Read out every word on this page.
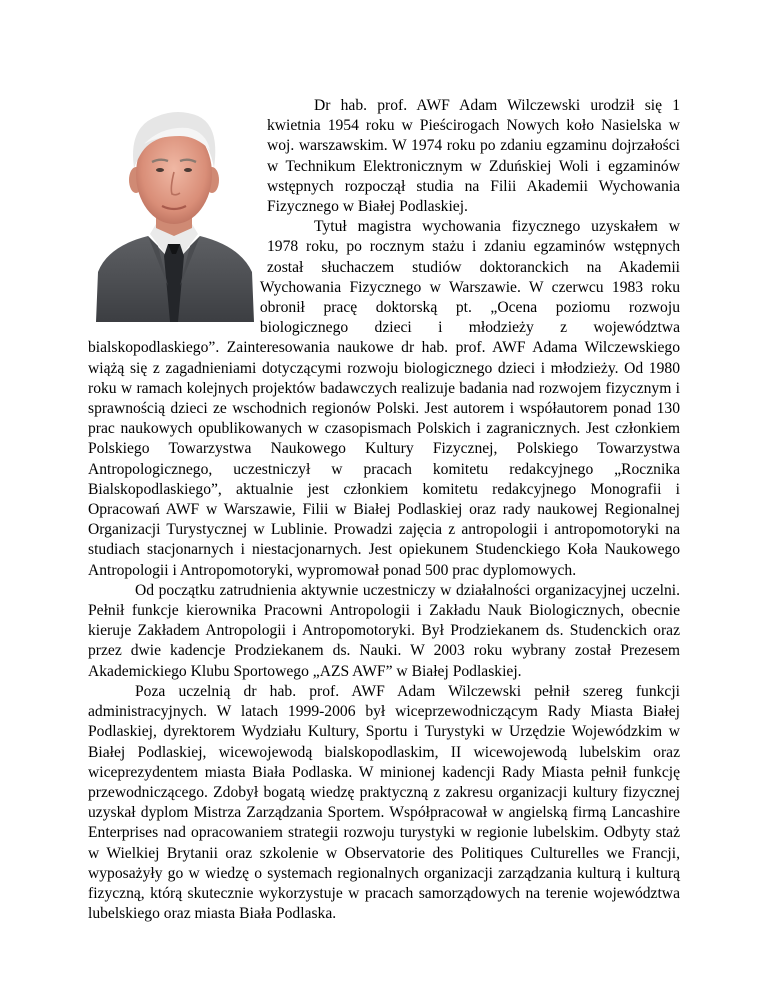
Dr hab. prof. AWF Adam Wilczewski urodził się 1 kwietnia 1954 roku w Pieścirogach Nowych koło Nasielska w woj. warszawskim. W 1974 roku po zdaniu egzaminu dojrzałości w Technikum Elektronicznym w Zduńskiej Woli i egzaminów wstępnych rozpoczął studia na Filii Akademii Wychowania Fizycznego w Białej Podlaskiej.

Tytuł magistra wychowania fizycznego uzyskałem w 1978 roku, po rocznym stażu i zdaniu egzaminów wstępnych został słuchaczem studiów doktoranckich na Akademii Wychowania Fizycznego w Warszawie. W czerwcu 1983 roku obronił pracę doktorską pt. „Ocena poziomu rozwoju biologicznego dzieci i młodzieży z województwa bialskopodlaskiego”. Zainteresowania naukowe dr hab. prof. AWF Adama Wilczewskiego wiążą się z zagadnieniami dotyczącymi rozwoju biologicznego dzieci i młodzieży. Od 1980 roku w ramach kolejnych projektów badawczych realizuje badania nad rozwojem fizycznym i sprawnością dzieci ze wschodnich regionów Polski. Jest autorem i współautorem ponad 130 prac naukowych opublikowanych w czasopismach Polskich i zagranicznych. Jest członkiem Polskiego Towarzystwa Naukowego Kultury Fizycznej, Polskiego Towarzystwa Antropologicznego, uczestniczył w pracach komitetu redakcyjnego „Rocznika Bialskopodlaskiego”, aktualnie jest członkiem komitetu redakcyjnego Monografii i Opracowań AWF w Warszawie, Filii w Białej Podlaskiej oraz rady naukowej Regionalnej Organizacji Turystycznej w Lublinie. Prowadzi zajęcia z antropologii i antropomotoryki na studiach stacjonarnych i niestacjonarnych. Jest opiekunem Studenckiego Koła Naukowego Antropologii i Antropomotoryki, wypromował ponad 500 prac dyplomowych.

Od początku zatrudnienia aktywnie uczestniczy w działalności organizacyjnej uczelni. Pełnił funkcje kierownika Pracowni Antropologii i Zakładu Nauk Biologicznych, obecnie kieruje Zakładem Antropologii i Antropomotoryki. Był Prodziekanem ds. Studenckich oraz przez dwie kadencje Prodziekanem ds. Nauki. W 2003 roku wybrany został Prezesem Akademickiego Klubu Sportowego „AZS AWF” w Białej Podlaskiej.

Poza uczelnią dr hab. prof. AWF Adam Wilczewski pełnił szereg funkcji administracyjnych. W latach 1999-2006 był wiceprzewodniczącym Rady Miasta Białej Podlaskiej, dyrektorem Wydziału Kultury, Sportu i Turystyki w Urzędzie Wojewódzkim w Białej Podlaskiej, wicewojewodą bialskopodlaskim, II wicewojewodą lubelskim oraz wiceprezydentem miasta Biała Podlaska. W minionej kadencji Rady Miasta pełnił funkcję przewodniczącego. Zdobył bogatą wiedzę praktyczną z zakresu organizacji kultury fizycznej uzyskał dyplom Mistrza Zarządzania Sportem. Współpracował w angielską firmą Lancashire Enterprises nad opracowaniem strategii rozwoju turystyki w regionie lubelskim. Odbyty staż w Wielkiej Brytanii oraz szkolenie w Observatorie des Politiques Culturelles we Francji, wyposażyły go w wiedzę o systemach regionalnych organizacji zarządzania kulturą i kulturą fizyczną, którą skutecznie wykorzystuje w pracach samorządowych na terenie województwa lubelskiego oraz miasta Biała Podlaska.
